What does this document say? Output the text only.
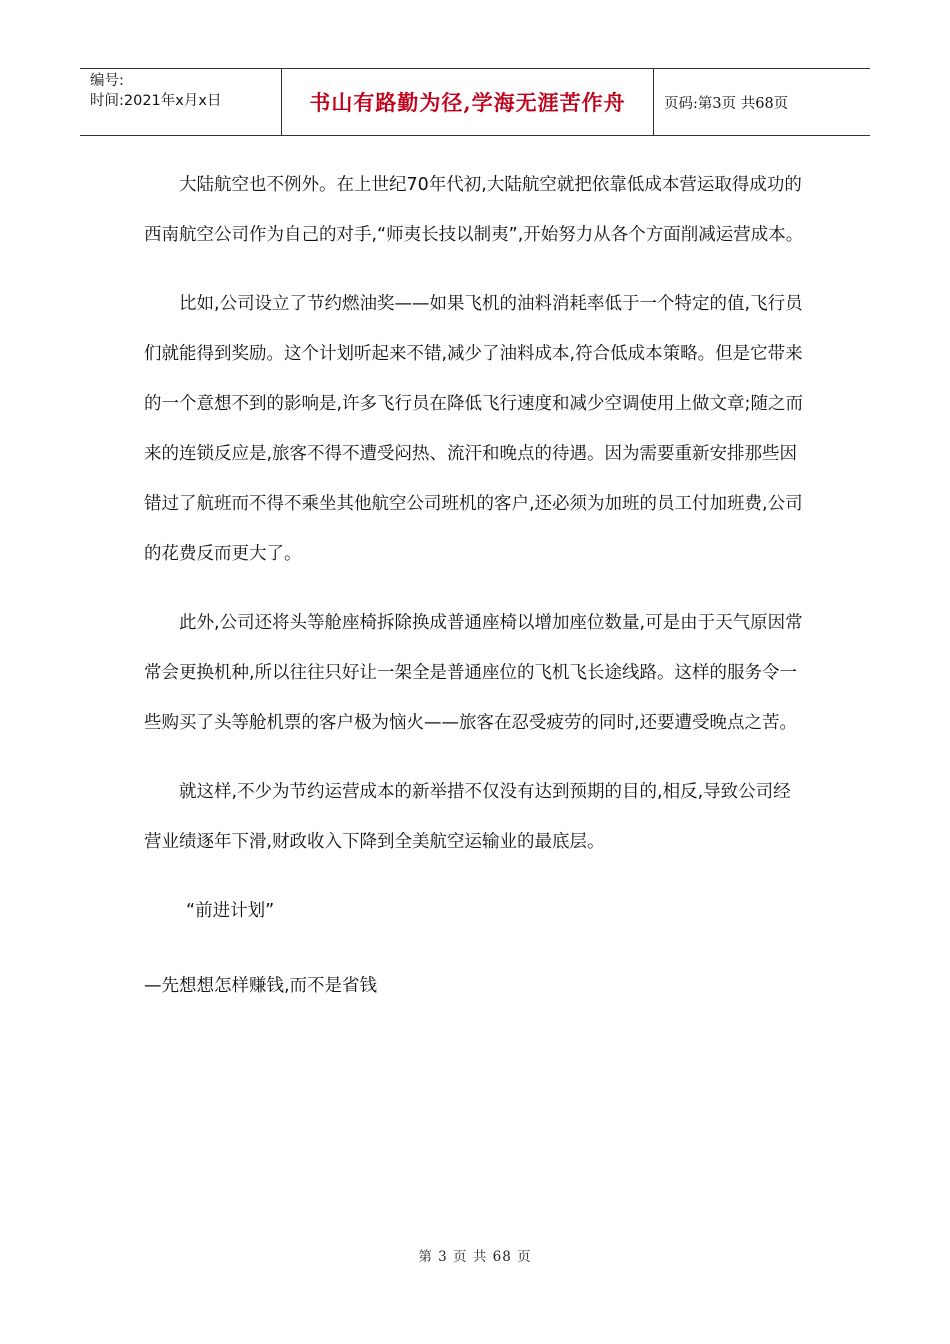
编号:
时间:2021年x月x日	书山有路勤为径,学海无涯苦作舟	页码:第3页 共68页

大陆航空也不例外。在上世纪70年代初,大陆航空就把依靠低成本营运取得成功的西南航空公司作为自己的对手,“师夷长技以制夷”,开始努力从各个方面削减运营成本。

比如,公司设立了节约燃油奖——如果飞机的油料消耗率低于一个特定的值,飞行员们就能得到奖励。这个计划听起来不错,减少了油料成本,符合低成本策略。但是它带来的一个意想不到的影响是,许多飞行员在降低飞行速度和减少空调使用上做文章;随之而来的连锁反应是,旅客不得不遭受闷热、流汗和晚点的待遇。因为需要重新安排那些因错过了航班而不得不乘坐其他航空公司班机的客户,还必须为加班的员工付加班费,公司的花费反而更大了。

此外,公司还将头等舱座椅拆除换成普通座椅以增加座位数量,可是由于天气原因常常会更换机种,所以往往只好让一架全是普通座位的飞机飞长途线路。这样的服务令一些购买了头等舱机票的客户极为恼火——旅客在忍受疲劳的同时,还要遭受晚点之苦。

就这样,不少为节约运营成本的新举措不仅没有达到预期的目的,相反,导致公司经营业绩逐年下滑,财政收入下降到全美航空运输业的最底层。

“前进计划”

—先想想怎样赚钱,而不是省钱

第 3 页 共 68 页
